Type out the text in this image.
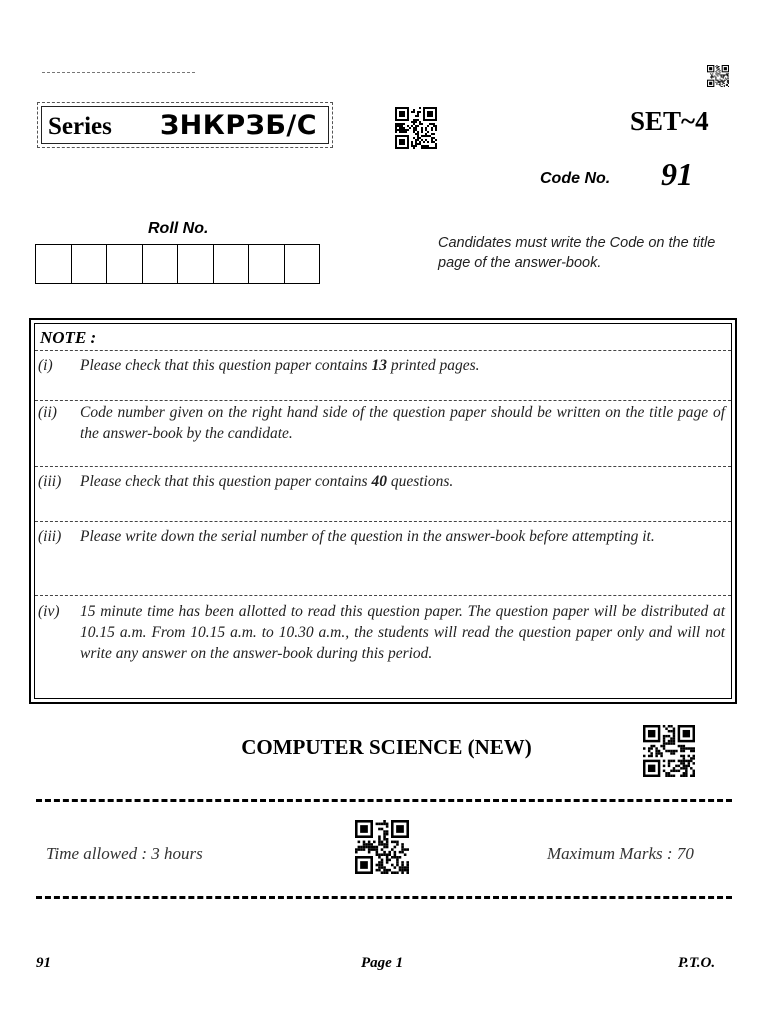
Series ЗНКРЗБ/С	SET~4
Code No. 91
Roll No.
Candidates must write the Code on the title page of the answer-book.
NOTE :
(i) Please check that this question paper contains 13 printed pages.
(ii) Code number given on the right hand side of the question paper should be written on the title page of the answer-book by the candidate.
(iii) Please check that this question paper contains 40 questions.
(iii) Please write down the serial number of the question in the answer-book before attempting it.
(iv) 15 minute time has been allotted to read this question paper. The question paper will be distributed at 10.15 a.m. From 10.15 a.m. to 10.30 a.m., the students will read the question paper only and will not write any answer on the answer-book during this period.
COMPUTER SCIENCE (NEW)
Time allowed : 3 hours	Maximum Marks : 70
91	Page 1	P.T.O.
